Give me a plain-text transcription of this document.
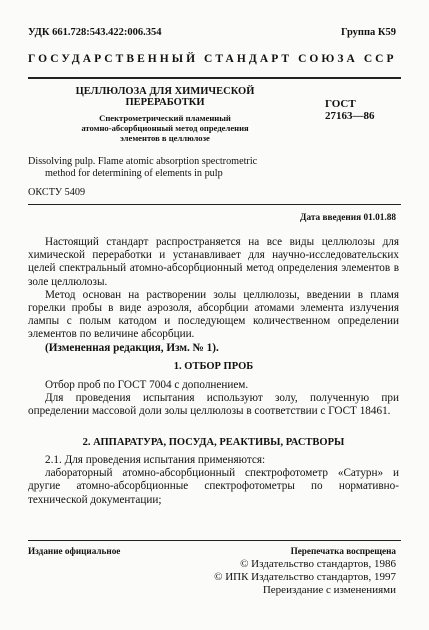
УДК 661.728:543.422:006.354	Группа К59
ГОСУДАРСТВЕННЫЙ СТАНДАРТ СОЮЗА ССР
ЦЕЛЛЮЛОЗА ДЛЯ ХИМИЧЕСКОЙ
ПЕРЕРАБОТКИ
Спектрометрический пламенный
атомно-абсорбционный метод определения
элементов в целлюлозе
ГОСТ
27163—86
Dissolving pulp. Flame atomic absorption spectrometric
method for determining of elements in pulp
ОКСТУ 5409
Дата введения 01.01.88

Настоящий стандарт распространяется на все виды целлюлозы для химической переработки и устанавливает для научно-исследовательских целей спектральный атомно-абсорбционный метод определения элементов в золе целлюлозы.

Метод основан на растворении золы целлюлозы, введении в пламя горелки пробы в виде аэрозоля, абсорбции атомами элемента излучения лампы с полым катодом и последующем количественном определении элементов по величине абсорбции.

(Измененная редакция, Изм. № 1).

1. ОТБОР ПРОБ

Отбор проб по ГОСТ 7004 с дополнением.

Для проведения испытания используют золу, полученную при определении массовой доли золы целлюлозы в соответствии с ГОСТ 18461.

2. АППАРАТУРА, ПОСУДА, РЕАКТИВЫ, РАСТВОРЫ

2.1. Для проведения испытания применяются:

лабораторный атомно-абсорбционный спектрофотометр «Сатурн» и другие атомно-абсорбционные спектрофотометры по нормативно-технической документации;

Издание официальное	Перепечатка воспрещена
© Издательство стандартов, 1986
© ИПК Издательство стандартов, 1997
Переиздание с изменениями
